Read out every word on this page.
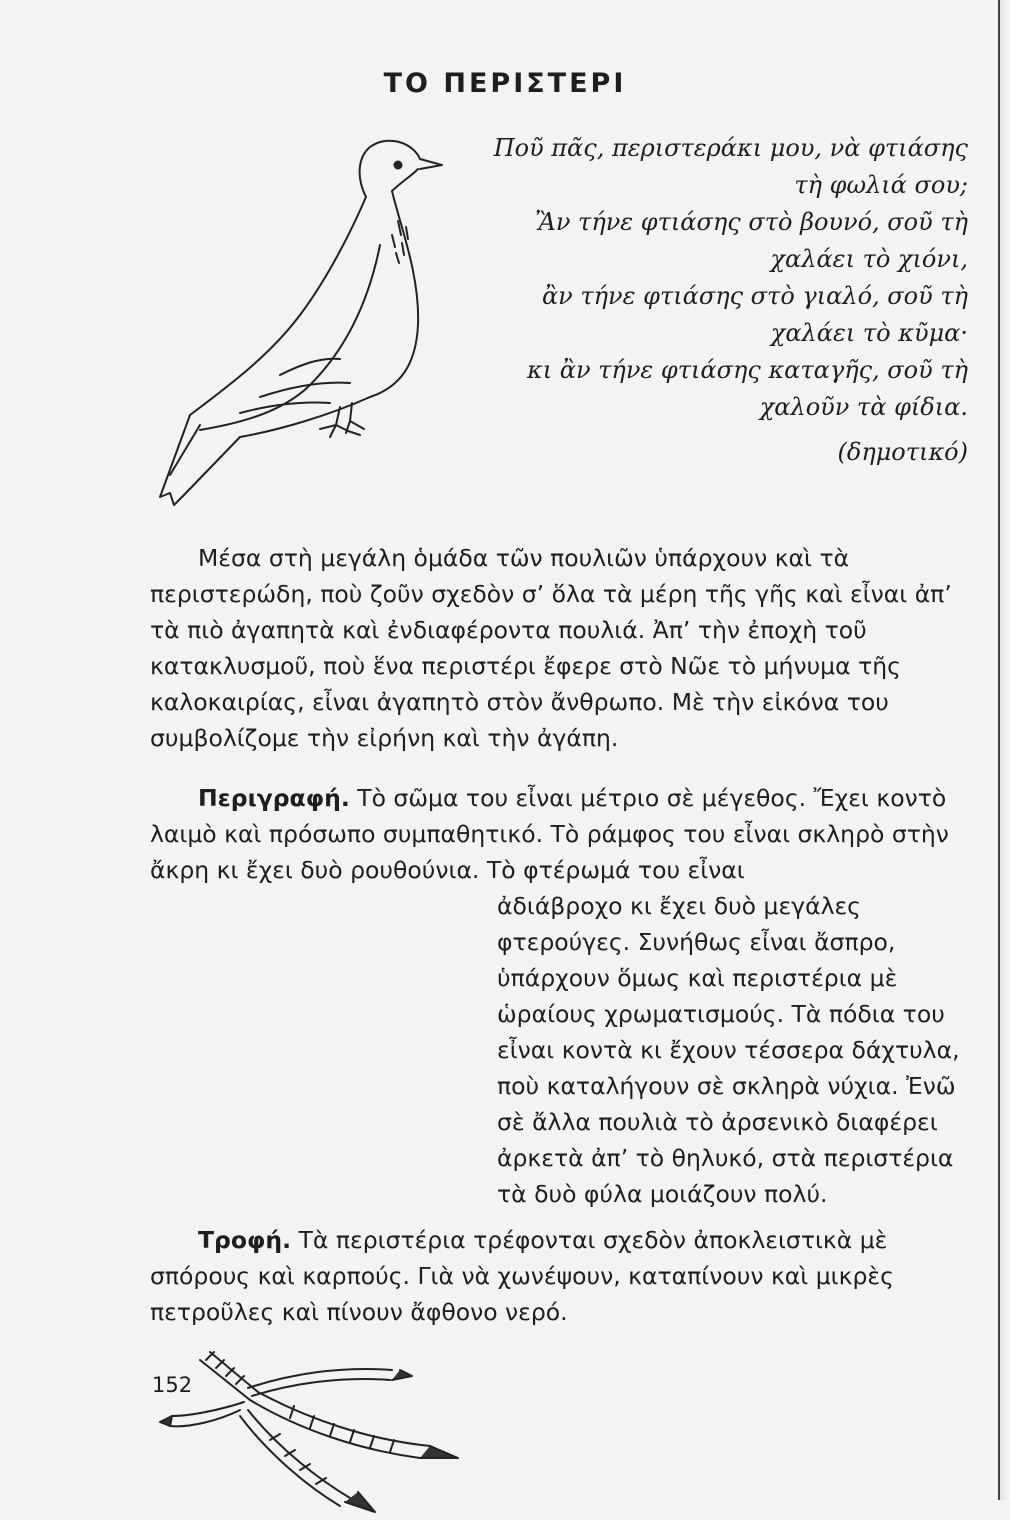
ΤΟ ΠΕΡΙΣΤΕΡΙ
Ποῦ πᾶς, περιστεράκι μου, νὰ φτιάσης
τὴ φωλιά σου;
Ἂν τήνε φτιάσης στὸ βουνό, σοῦ τὴ
χαλάει τὸ χιόνι,
ἂν τήνε φτιάσης στὸ γιαλό, σοῦ τὴ
χαλάει τὸ κῦμα·
κι ἂν τήνε φτιάσης καταγῆς, σοῦ τὴ
χαλοῦν τὰ φίδια.
(δημοτικό)

Μέσα στὴ μεγάλη ὁμάδα τῶν πουλιῶν ὑπάρχουν καὶ τὰ περιστερώδη, ποὺ ζοῦν σχεδὸν σ’ ὅλα τὰ μέρη τῆς γῆς καὶ εἶναι ἀπ’ τὰ πιὸ ἀγαπητὰ καὶ ἐνδιαφέροντα πουλιά. Ἀπ’ τὴν ἐποχὴ τοῦ κατακλυσμοῦ, ποὺ ἕνα περιστέρι ἔφερε στὸ Νῶε τὸ μήνυμα τῆς καλοκαιρίας, εἶναι ἀγαπητὸ στὸν ἄνθρωπο. Μὲ τὴν εἰκόνα του συμβολίζομε τὴν εἰρήνη καὶ τὴν ἀγάπη.

Περιγραφή. Τὸ σῶμα του εἶναι μέτριο σὲ μέγεθος. Ἔχει κοντὸ λαιμὸ καὶ πρόσωπο συμπαθητικό. Τὸ ράμφος του εἶναι σκληρὸ στὴν ἄκρη κι ἔχει δυὸ ρουθούνια. Τὸ φτέρωμά του εἶναι

ἀδιάβροχο κι ἔχει δυὸ μεγάλες φτερούγες. Συνήθως εἶναι ἄσπρο, ὑπάρχουν ὅμως καὶ περιστέρια μὲ ὡραίους χρωματισμούς. Τὰ πόδια του εἶναι κοντὰ κι ἔχουν τέσσερα δάχτυλα, ποὺ καταλήγουν σὲ σκληρὰ νύχια. Ἐνῶ σὲ ἄλλα πουλιὰ τὸ ἀρσενικὸ διαφέρει ἀρκετὰ ἀπ’ τὸ θηλυκό, στὰ περιστέρια τὰ δυὸ φύλα μοιάζουν πολύ.

Τροφή. Τὰ περιστέρια τρέφονται σχεδὸν ἀποκλειστικὰ μὲ σπόρους καὶ καρπούς. Γιὰ νὰ χωνέψουν, καταπίνουν καὶ μικρὲς πετροῦλες καὶ πίνουν ἄφθονο νερό.

152
